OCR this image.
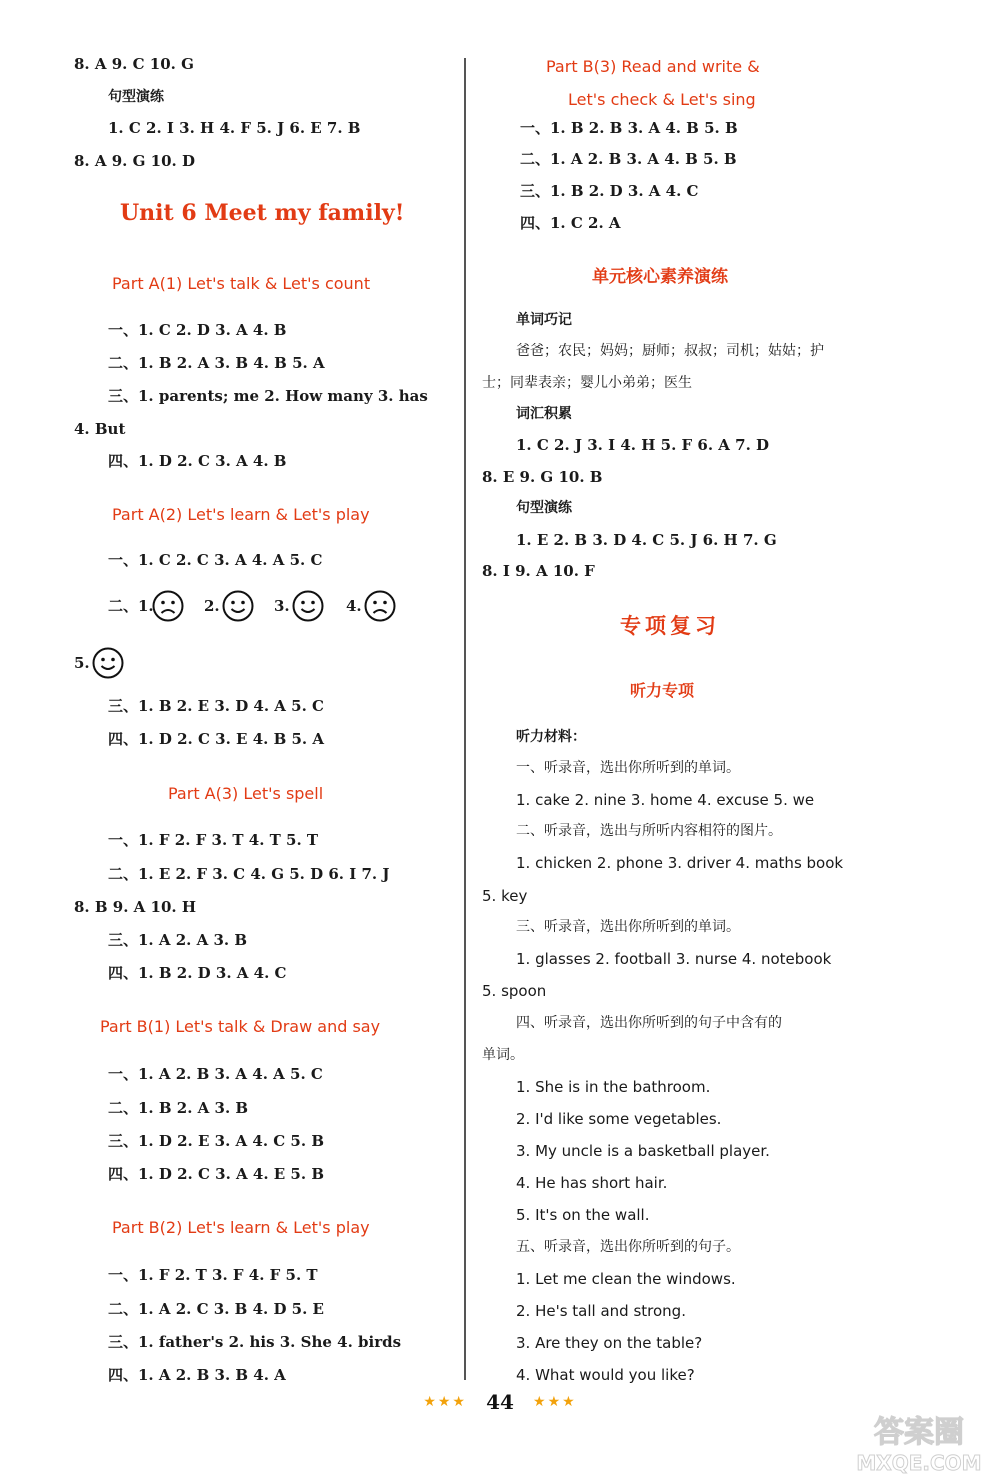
8. A 9. C 10. G
句型演练
1. C 2. I 3. H 4. F 5. J 6. E 7. B
8. A 9. G 10. D
Unit 6 Meet my family!
Part A(1) Let's talk & Let's count
一、1. C 2. D 3. A 4. B
二、1. B 2. A 3. B 4. B 5. A
三、1. parents; me 2. How many 3. has
4. But
四、1. D 2. C 3. A 4. B
Part A(2) Let's learn & Let's play
一、1. C 2. C 3. A 4. A 5. C
二、1.	2.	3.	4.
5.
三、1. B 2. E 3. D 4. A 5. C
四、1. D 2. C 3. E 4. B 5. A
Part A(3) Let's spell
一、1. F 2. F 3. T 4. T 5. T
二、1. E 2. F 3. C 4. G 5. D 6. I 7. J
8. B 9. A 10. H
三、1. A 2. A 3. B
四、1. B 2. D 3. A 4. C
Part B(1) Let's talk & Draw and say
一、1. A 2. B 3. A 4. A 5. C
二、1. B 2. A 3. B
三、1. D 2. E 3. A 4. C 5. B
四、1. D 2. C 3. A 4. E 5. B
Part B(2) Let's learn & Let's play
一、1. F 2. T 3. F 4. F 5. T
二、1. A 2. C 3. B 4. D 5. E
三、1. father's 2. his 3. She 4. birds
四、1. A 2. B 3. B 4. A
Part B(3) Read and write &
Let's check & Let's sing
一、1. B 2. B 3. A 4. B 5. B
二、1. A 2. B 3. A 4. B 5. B
三、1. B 2. D 3. A 4. C
四、1. C 2. A
单元核心素养演练
单词巧记
爸爸；农民；妈妈；厨师；叔叔；司机；姑姑；护
士；同辈表亲；婴儿小弟弟；医生
词汇积累
1. C 2. J 3. I 4. H 5. F 6. A 7. D
8. E 9. G 10. B
句型演练
1. E 2. B 3. D 4. C 5. J 6. H 7. G
8. I 9. A 10. F
专项复习
听力专项
听力材料：
一、听录音，选出你所听到的单词。
1. cake 2. nine 3. home 4. excuse 5. we
二、听录音，选出与所听内容相符的图片。
1. chicken 2. phone 3. driver 4. maths book
5. key
三、听录音，选出你所听到的单词。
1. glasses 2. football 3. nurse 4. notebook
5. spoon
四、听录音，选出你所听到的句子中含有的
单词。
1. She is in the bathroom.
2. I'd like some vegetables.
3. My uncle is a basketball player.
4. He has short hair.
5. It's on the wall.
五、听录音，选出你所听到的句子。
1. Let me clean the windows.
2. He's tall and strong.
3. Are they on the table?
4. What would you like?
★★★ 44 ★★★
答案圈
MXQE.COM
